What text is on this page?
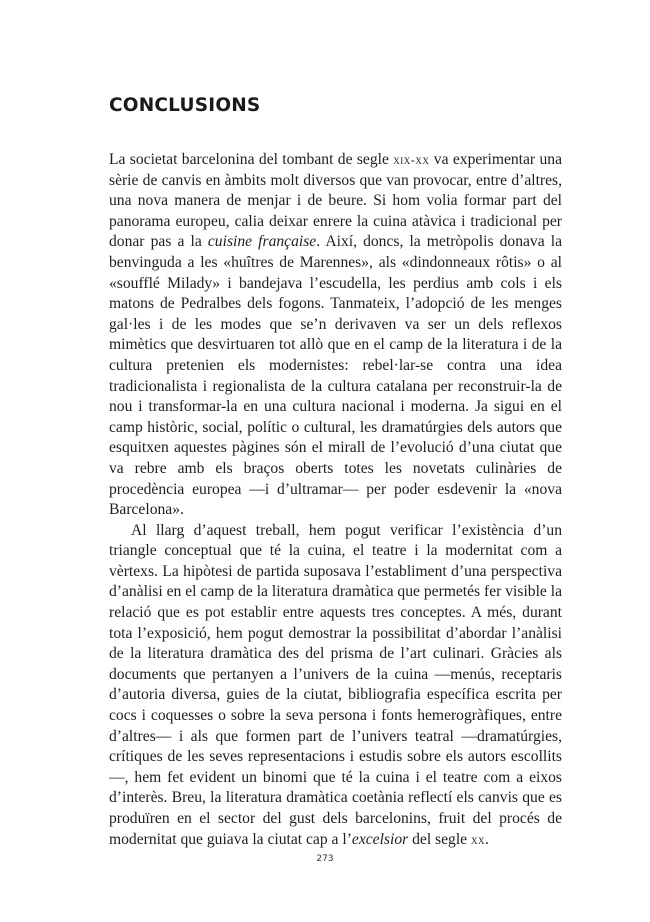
CONCLUSIONS

La societat barcelonina del tombant de segle xix-xx va experimentar una sèrie de canvis en àmbits molt diversos que van provocar, entre d’altres, una nova manera de menjar i de beure. Si hom volia formar part del panorama europeu, calia deixar enrere la cuina atàvica i tradicional per donar pas a la cuisine française. Així, doncs, la metròpolis donava la benvinguda a les «huîtres de Marennes», als «dindonneaux rôtis» o al «soufflé Milady» i bandejava l’escudella, les perdius amb cols i els matons de Pedralbes dels fogons. Tanmateix, l’adopció de les menges gal·les i de les modes que se’n derivaven va ser un dels reflexos mimètics que desvirtuaren tot allò que en el camp de la literatura i de la cultura pretenien els modernistes: rebel·lar-se contra una idea tradicionalista i regionalista de la cultura catalana per reconstruir-la de nou i transformar-la en una cultura nacional i moderna. Ja sigui en el camp històric, social, polític o cultural, les dramatúrgies dels autors que esquitxen aquestes pàgines són el mirall de l’evolució d’una ciutat que va rebre amb els braços oberts totes les novetats culinàries de procedència europea —i d’ultramar— per poder esdevenir la «nova Barcelona».

Al llarg d’aquest treball, hem pogut verificar l’existència d’un triangle conceptual que té la cuina, el teatre i la modernitat com a vèrtexs. La hipòtesi de partida suposava l’establiment d’una perspectiva d’anàlisi en el camp de la literatura dramàtica que permetés fer visible la relació que es pot establir entre aquests tres conceptes. A més, durant tota l’exposició, hem pogut demostrar la possibilitat d’abordar l’anàlisi de la literatura dramàtica des del prisma de l’art culinari. Gràcies als documents que pertanyen a l’univers de la cuina —menús, receptaris d’autoria diversa, guies de la ciutat, bibliografia específica escrita per cocs i coquesses o sobre la seva persona i fonts hemerogràfiques, entre d’altres— i als que formen part de l’univers teatral —dramatúrgies, crítiques de les seves representacions i estudis sobre els autors escollits—, hem fet evident un binomi que té la cuina i el teatre com a eixos d’interès. Breu, la literatura dramàtica coetània reflectí els canvis que es produïren en el sector del gust dels barcelonins, fruit del procés de modernitat que guiava la ciutat cap a l’excelsior del segle xx.

273
